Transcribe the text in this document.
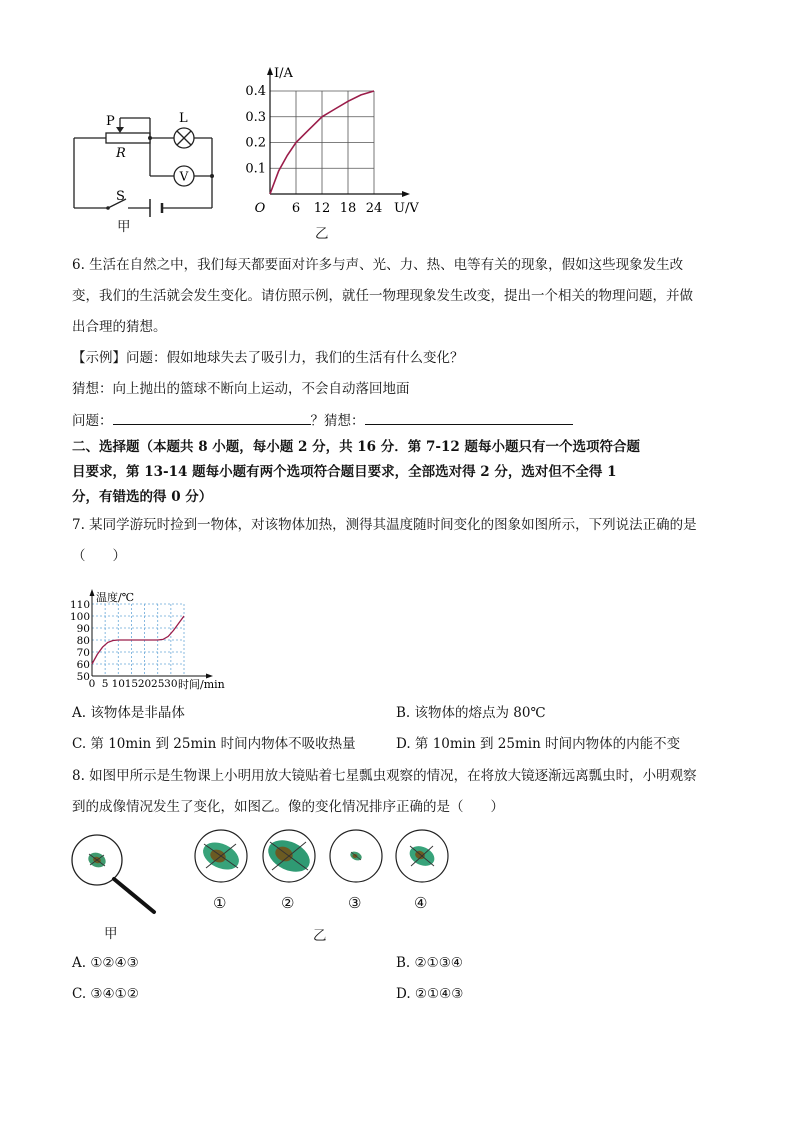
V
P
R
L
S
甲
6 12 18 24
0.1
0.2
0.3
0.4
O	U/V
I/A
乙
6. 生活在自然之中，我们每天都要面对许多与声、光、力、热、电等有关的现象，假如这些现象发生改
变，我们的生活就会发生变化。请仿照示例，就任一物理现象发生改变，提出一个相关的物理问题，并做
出合理的猜想。
【示例】问题：假如地球失去了吸引力，我们的生活有什么变化？
猜想：向上抛出的篮球不断向上运动，不会自动落回地面
问题：	？猜想：
二、选择题（本题共 8 小题，每小题 2 分，共 16 分．第 7-12 题每小题只有一个选项符合题
目要求，第 13-14 题每小题有两个选项符合题目要求，全部选对得 2 分，选对但不全得 1
分，有错选的得 0 分）
7. 某同学游玩时捡到一物体，对该物体加热，测得其温度随时间变化的图象如图所示，下列说法正确的是
（　　）
50
60
70
80
90
100
110
0 5 10 15 20 25 30
温度/℃
时间/min
A. 该物体是非晶体	B. 该物体的熔点为 80℃
C. 第 10min 到 25min 时间内物体不吸收热量	D. 第 10min 到 25min 时间内物体的内能不变
8. 如图甲所示是生物课上小明用放大镜贴着七星瓢虫观察的情况，在将放大镜逐渐远离瓢虫时，小明观察
到的成像情况发生了变化，如图乙。像的变化情况排序正确的是（　　）
甲
①	②	③	④
乙
A. ①②④③	B. ②①③④
C. ③④①②	D. ②①④③
